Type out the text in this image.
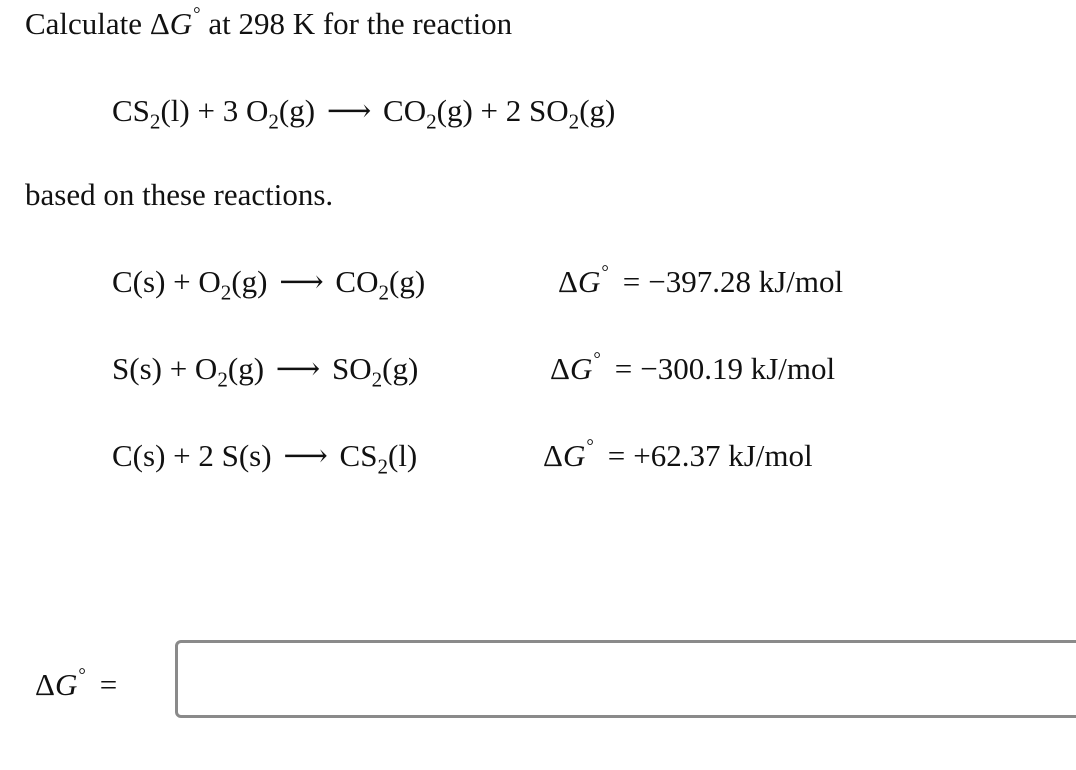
Calculate ΔG° at 298 K for the reaction
$CS_2(l) + 3$ $O_2(g)$ ⟶ $CO_2(g) + 2$ $SO_2(g)$
based on these reactions.
$C(s) + O_2(g)$ ⟶ $CO_2(g)$	ΔG° = −397.28 kJ/mol
$S(s) + O_2(g)$ ⟶ $SO_2(g)$	ΔG° = −300.19 kJ/mol
C(s) + 2 S(s) ⟶ $CS_2(l)$	ΔG° = +62.37 kJ/mol
ΔG° =
